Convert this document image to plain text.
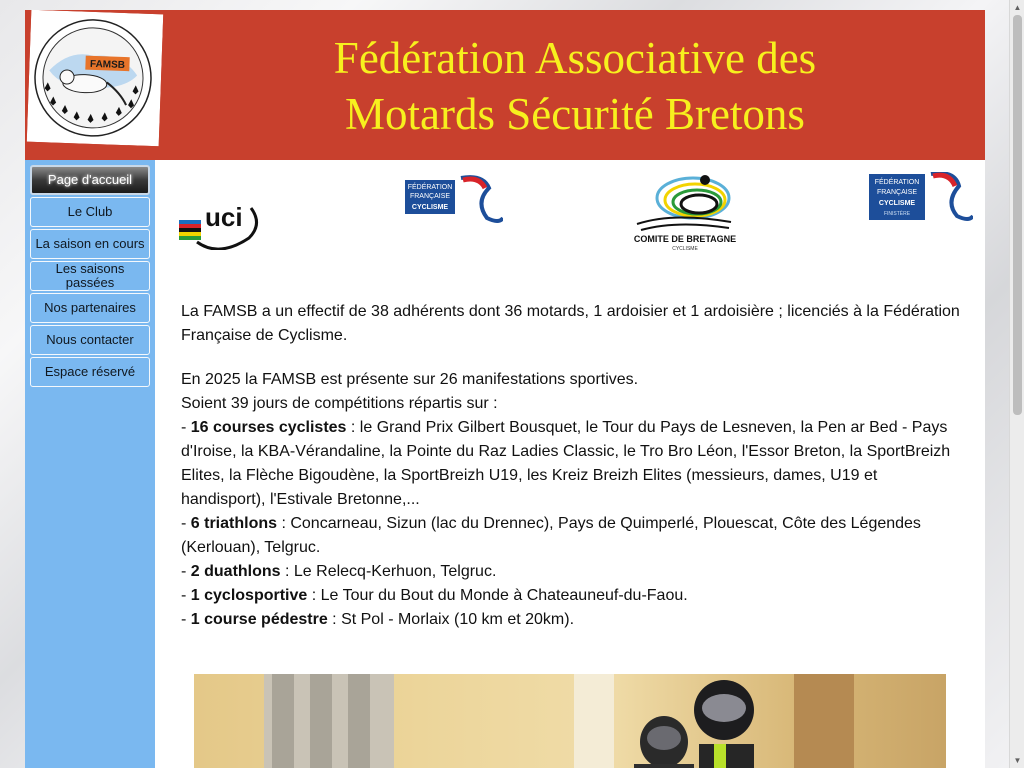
FAMSB	Fédération Associative des
Motards Sécurité Bretons
Page d'accueil
Le Club
La saison en cours
Les saisons passées
Nos partenaires
Nous contacter
Espace réservé
uci
FÉDÉRATION
FRANÇAISE
CYCLISME
COMITE DE BRETAGNE
CYCLISME
FÉDÉRATION
FRANÇAISE
CYCLISME
FINISTÈRE

La FAMSB a un effectif de 38 adhérents dont 36 motards, 1 ardoisier et 1 ardoisière ; licenciés à la Fédération Française de Cyclisme.

En 2025 la FAMSB est présente sur 26 manifestations sportives.
Soient 39 jours de compétitions répartis sur :
- 16 courses cyclistes : le Grand Prix Gilbert Bousquet, le Tour du Pays de Lesneven, la Pen ar Bed - Pays d'Iroise, la KBA-Vérandaline, la Pointe du Raz Ladies Classic, le Tro Bro Léon, l'Essor Breton, la SportBreizh Elites, la Flèche Bigoudène, la SportBreizh U19, les Kreiz Breizh Elites (messieurs, dames, U19 et handisport), l'Estivale Bretonne,...
- 6 triathlons : Concarneau, Sizun (lac du Drennec), Pays de Quimperlé, Plouescat, Côte des Légendes (Kerlouan), Telgruc.
- 2 duathlons : Le Relecq-Kerhuon, Telgruc.
- 1 cyclosportive : Le Tour du Bout du Monde à Chateauneuf-du-Faou.
- 1 course pédestre : St Pol - Morlaix (10 km et 20km).
▲
▼
